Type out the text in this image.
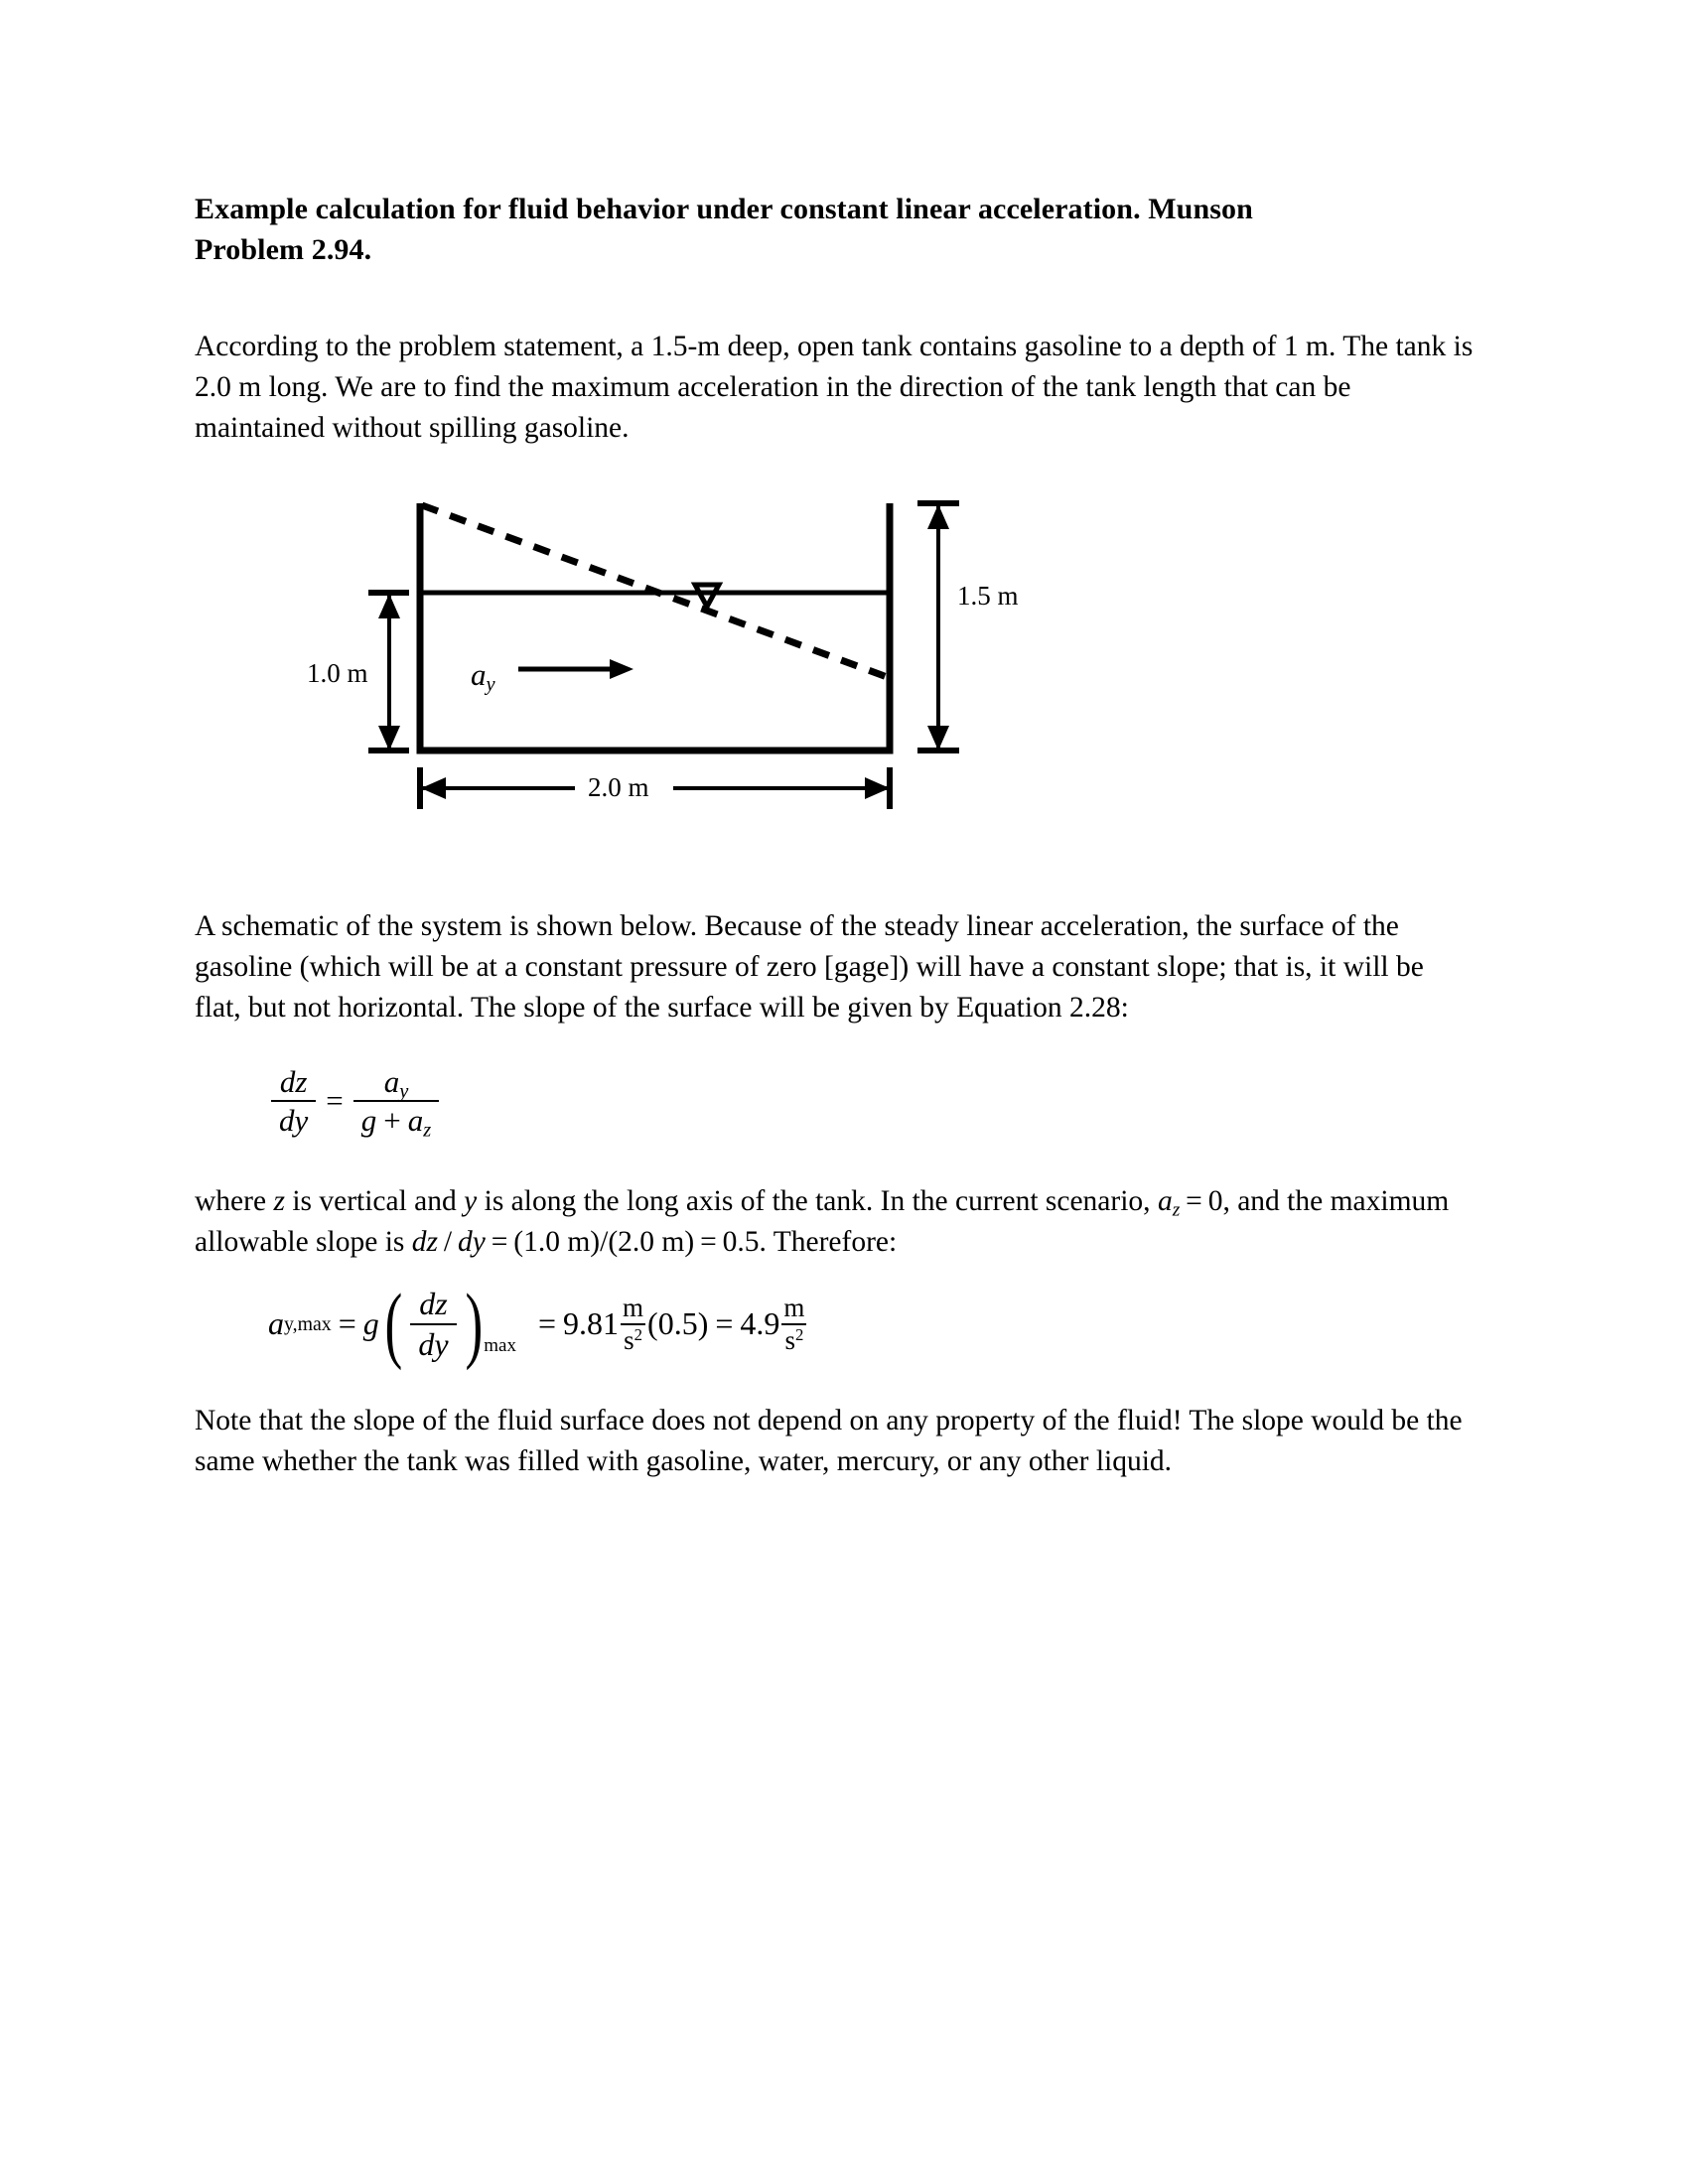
Example calculation for fluid behavior under constant linear acceleration. Munson
Problem 2.94.

According to the problem statement, a 1.5-m deep, open tank contains gasoline to a depth of 1 m. The tank is 2.0 m long. We are to find the maximum acceleration in the direction of the tank length that can be maintained without spilling gasoline.

1.5 m
1.0 m
2.0 m
$a_y$

A schematic of the system is shown below. Because of the steady linear acceleration, the surface of the gasoline (which will be at a constant pressure of zero [gage]) will have a constant slope; that is, it will be flat, but not horizontal. The slope of the surface will be given by Equation 2.28:

$\frac{dz}{dy} = \frac{a_y}{g + a_z}$

where z is vertical and y is along the long axis of the tank. In the current scenario, $a_z = 0$, and the maximum allowable slope is dz / dy = (1.0 m)/(2.0 m) = 0.5. Therefore:

a y,max = g ( $\frac{dz}{dy}$ ) max
= $9.81 \frac{m}{s^2} (0.5) = 4.9 \frac{m}{s^2}$

Note that the slope of the fluid surface does not depend on any property of the fluid! The slope would be the same whether the tank was filled with gasoline, water, mercury, or any other liquid.
